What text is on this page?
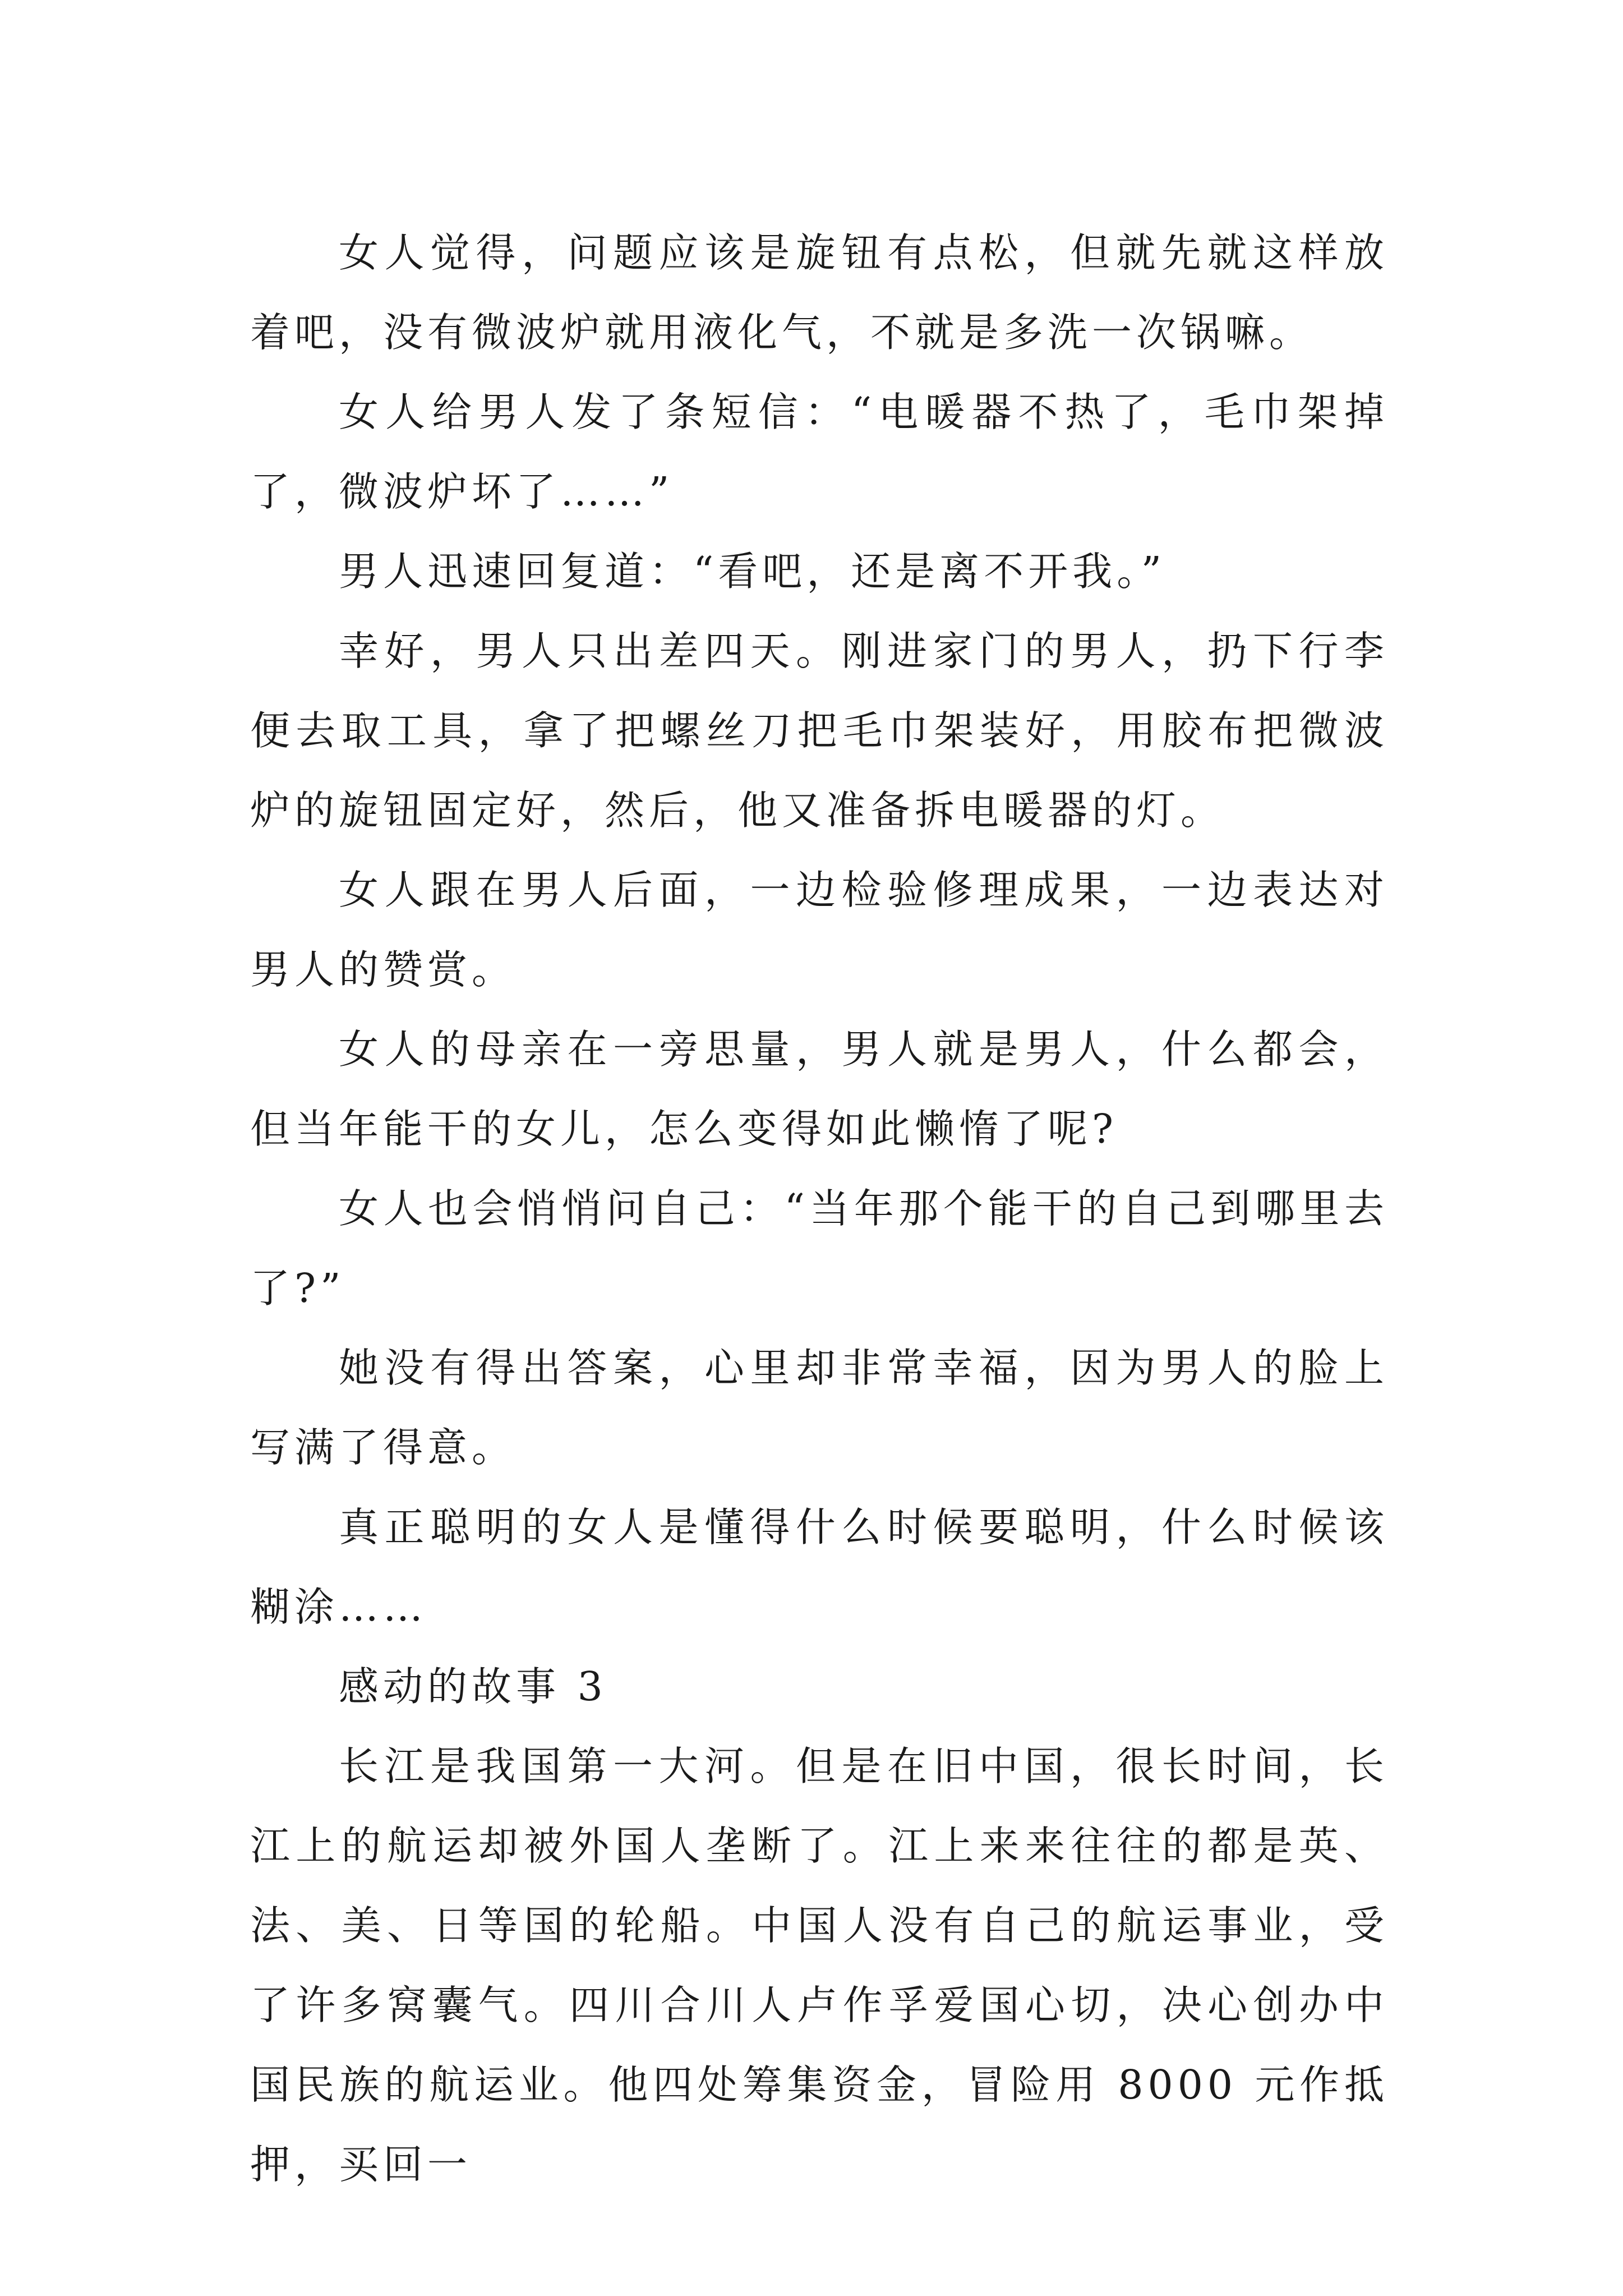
女人觉得，问题应该是旋钮有点松，但就先就这样放着吧，没有微波炉就用液化气，不就是多洗一次锅嘛。

女人给男人发了条短信：“电暖器不热了，毛巾架掉了，微波炉坏了……”

男人迅速回复道：“看吧，还是离不开我。”

幸好，男人只出差四天。刚进家门的男人，扔下行李便去取工具，拿了把螺丝刀把毛巾架装好，用胶布把微波炉的旋钮固定好，然后，他又准备拆电暖器的灯。

女人跟在男人后面，一边检验修理成果，一边表达对男人的赞赏。

女人的母亲在一旁思量，男人就是男人，什么都会，但当年能干的女儿，怎么变得如此懒惰了呢?

女人也会悄悄问自己：“当年那个能干的自己到哪里去了?”

她没有得出答案，心里却非常幸福，因为男人的脸上写满了得意。

真正聪明的女人是懂得什么时候要聪明，什么时候该糊涂……

感动的故事 3

长江是我国第一大河。但是在旧中国，很长时间，长江上的航运却被外国人垄断了。江上来来往往的都是英、法、美、日等国的轮船。中国人没有自己的航运事业，受了许多窝囊气。四川合川人卢作孚爱国心切，决心创办中国民族的航运业。他四处筹集资金，冒险用 8000 元作抵押，买回一
